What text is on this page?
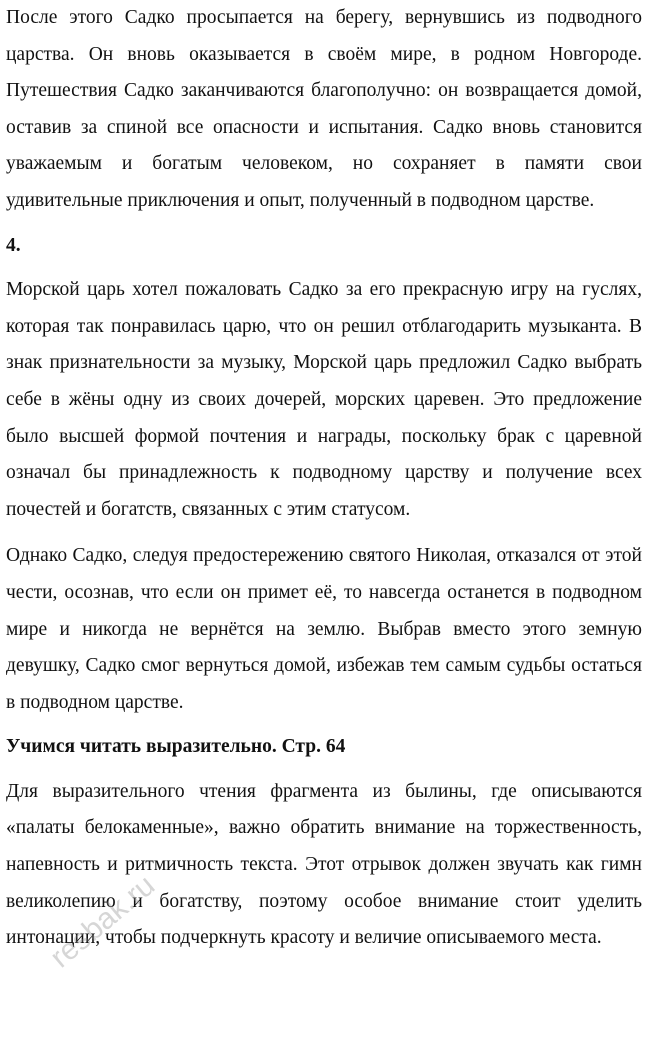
После этого Садко просыпается на берегу, вернувшись из подводного царства. Он вновь оказывается в своём мире, в родном Новгороде. Путешествия Садко заканчиваются благополучно: он возвращается домой, оставив за спиной все опасности и испытания. Садко вновь становится уважаемым и богатым человеком, но сохраняет в памяти свои удивительные приключения и опыт, полученный в подводном царстве.

4.

Морской царь хотел пожаловать Садко за его прекрасную игру на гуслях, которая так понравилась царю, что он решил отблагодарить музыканта. В знак признательности за музыку, Морской царь предложил Садко выбрать себе в жёны одну из своих дочерей, морских царевен. Это предложение было высшей формой почтения и награды, поскольку брак с царевной означал бы принадлежность к подводному царству и получение всех почестей и богатств, связанных с этим статусом.

Однако Садко, следуя предостережению святого Николая, отказался от этой чести, осознав, что если он примет её, то навсегда останется в подводном мире и никогда не вернётся на землю. Выбрав вместо этого земную девушку, Садко смог вернуться домой, избежав тем самым судьбы остаться в подводном царстве.

Учимся читать выразительно. Стр. 64

Для выразительного чтения фрагмента из былины, где описываются «палаты белокаменные», важно обратить внимание на торжественность, напевность и ритмичность текста. Этот отрывок должен звучать как гимн великолепию и богатству, поэтому особое внимание стоит уделить интонации, чтобы подчеркнуть красоту и величие описываемого места.

resbak.ru
